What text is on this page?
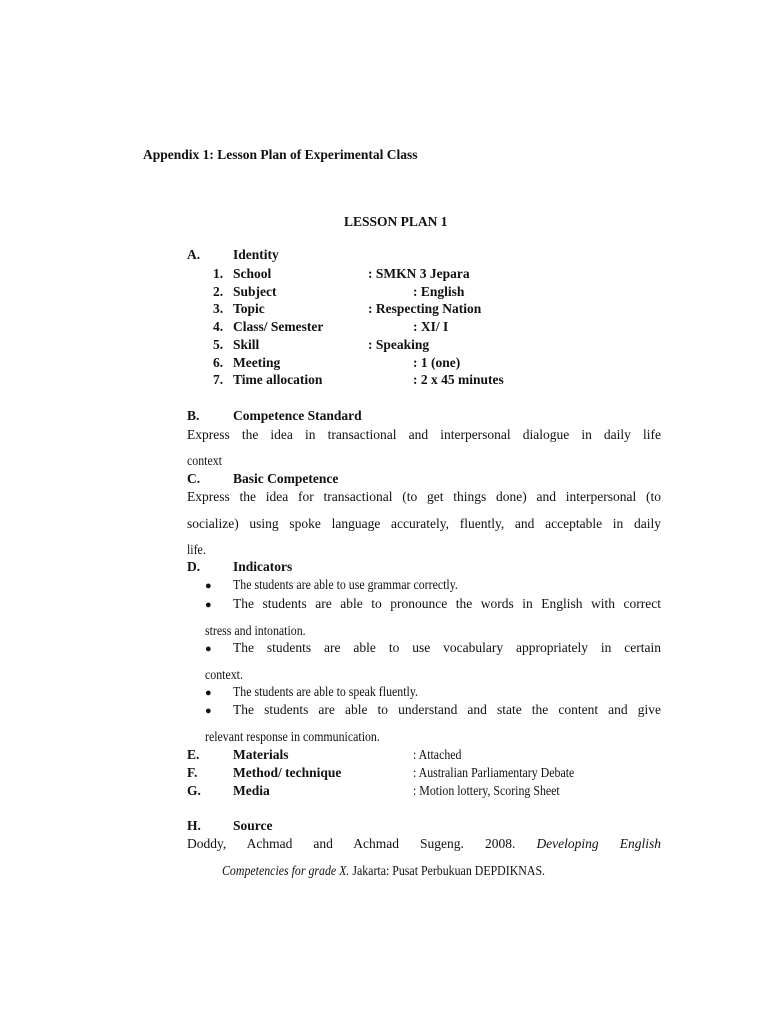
Appendix 1: Lesson Plan of Experimental Class
LESSON PLAN 1
A. Identity
1. School	: SMKN 3 Jepara
2. Subject	: English
3. Topic	: Respecting Nation
4. Class/ Semester	: XI/ I
5. Skill	: Speaking
6. Meeting	: 1 (one)
7. Time allocation	: 2 x 45 minutes
B. Competence Standard
Express the idea in transactional and interpersonal dialogue in daily life
context
C. Basic Competence
Express the idea for transactional (to get things done) and interpersonal (to
socialize) using spoke language accurately, fluently, and acceptable in daily
life.
D. Indicators
● The students are able to use grammar correctly.
● The students are able to pronounce the words in English with correct
stress and intonation.
● The students are able to use vocabulary appropriately in certain
context.
● The students are able to speak fluently.
● The students are able to understand and state the content and give
relevant response in communication.
E. Materials	: Attached
F.	Method/ technique	: Australian Parliamentary Debate
G. Media	: Motion lottery, Scoring Sheet
H. Source
Doddy, Achmad and Achmad Sugeng. 2008. Developing English
Competencies for grade X. Jakarta: Pusat Perbukuan DEPDIKNAS.
